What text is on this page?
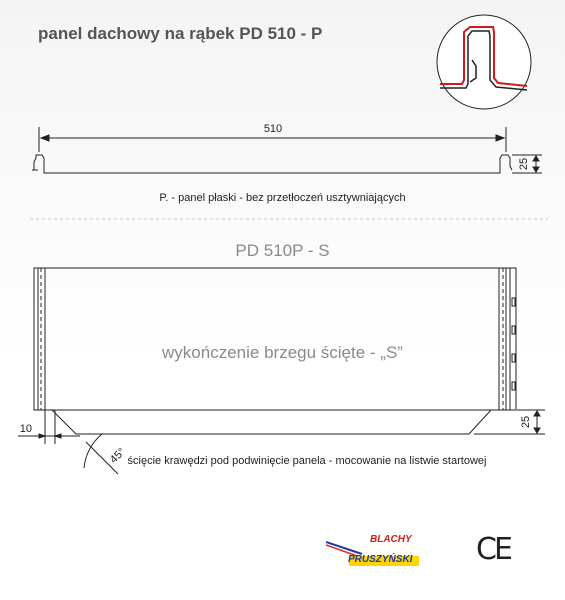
panel dachowy na rąbek PD 510 - P
510
25
10
25
45°
P. - panel płaski - bez przetłoczeń usztywniających
PD 510P - S
wykończenie brzegu ścięte - „S”
ścięcie krawędzi pod podwinięcie panela - mocowanie na listwie startowej
BLACHY
PRUSZYŃSKI CE
